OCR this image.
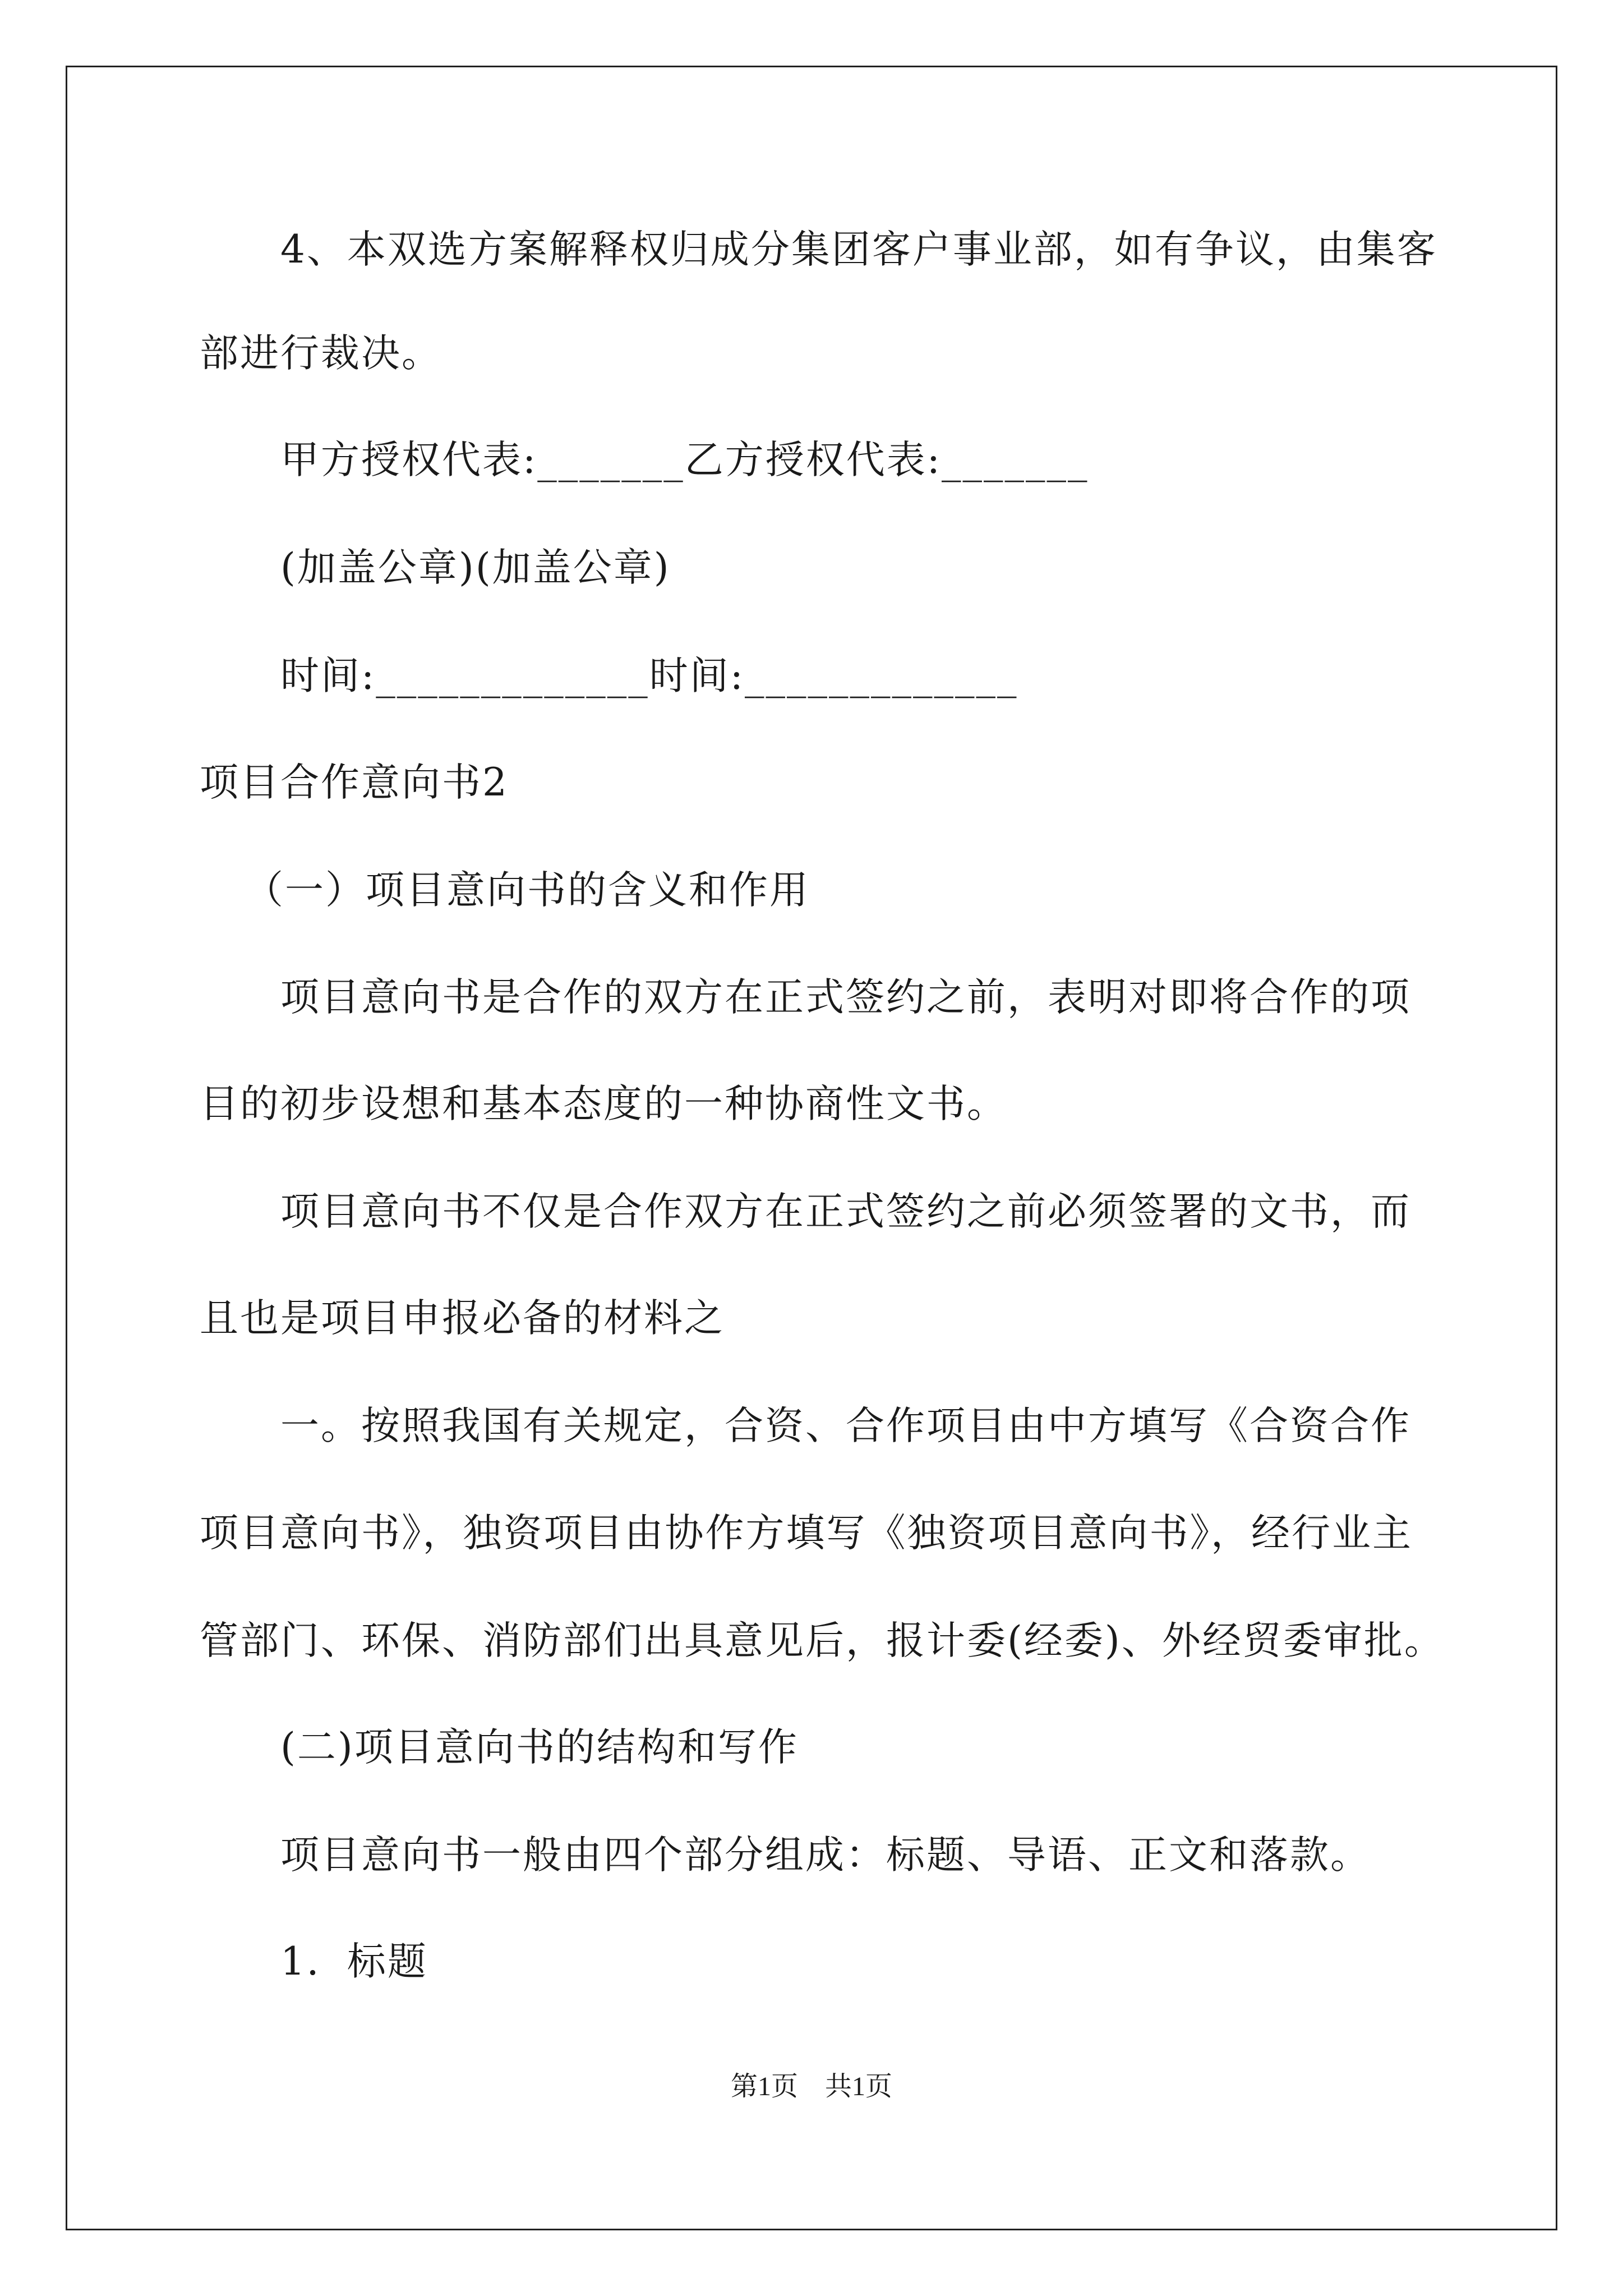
4、本双选方案解释权归成分集团客户事业部，如有争议，由集客
部进行裁决。
甲方授权代表:_______乙方授权代表:_______
(加盖公章)(加盖公章)
时间:_____________时间:_____________
项目合作意向书2
（一）项目意向书的含义和作用
项目意向书是合作的双方在正式签约之前，表明对即将合作的项
目的初步设想和基本态度的一种协商性文书。
项目意向书不仅是合作双方在正式签约之前必须签署的文书，而
且也是项目申报必备的材料之
一。按照我国有关规定，合资、合作项目由中方填写《合资合作
项目意向书》，独资项目由协作方填写《独资项目意向书》，经行业主
管部门、环保、消防部们出具意见后，报计委(经委)、外经贸委审批。
(二)项目意向书的结构和写作
项目意向书一般由四个部分组成：标题、导语、正文和落款。
1．标题
第1页　共1页
